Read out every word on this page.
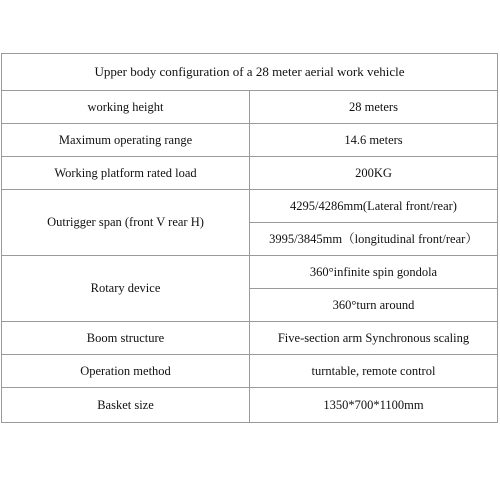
Upper body configuration of a 28 meter aerial work vehicle	
working height	28 meters
Maximum operating range	14.6 meters
Working platform rated load	200KG
Outrigger span (front V rear H)	4295/4286mm(Lateral front/rear)
	3995/3845mm（longitudinal front/rear）
Rotary device	360°infinite spin gondola
	360°turn around
Boom structure	Five-section arm Synchronous scaling
Operation method	turntable, remote control
Basket size	1350*700*1100mm
